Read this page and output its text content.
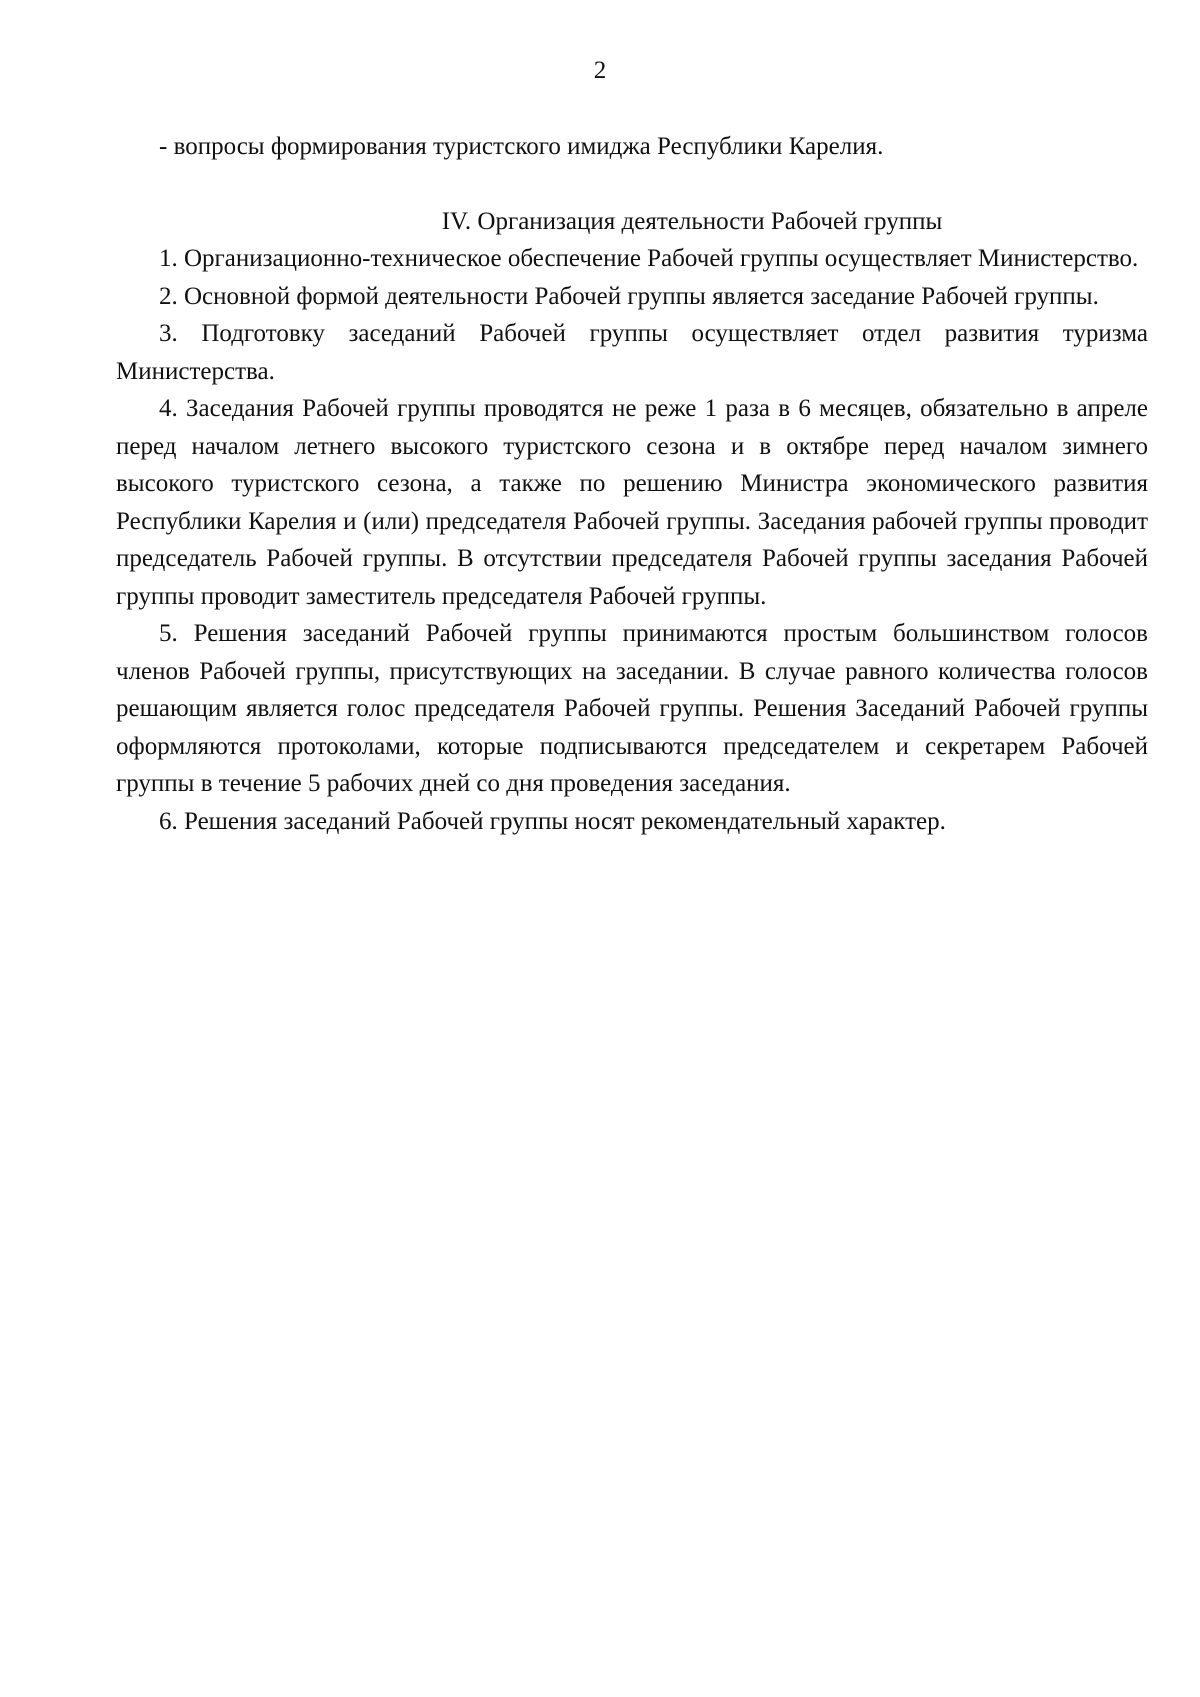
2

- вопросы формирования туристского имиджа Республики Карелия.

IV. Организация деятельности Рабочей группы

1. Организационно-техническое обеспечение Рабочей группы осуществляет Министерство.

2. Основной формой деятельности Рабочей группы является заседание Рабочей группы.

3. Подготовку заседаний Рабочей группы осуществляет отдел развития туризма Министерства.

4. Заседания Рабочей группы проводятся не реже 1 раза в 6 месяцев, обязательно в апреле перед началом летнего высокого туристского сезона и в октябре перед началом зимнего высокого туристского сезона, а также по решению Министра экономического развития Республики Карелия и (или) председателя Рабочей группы. Заседания рабочей группы проводит председатель Рабочей группы. В отсутствии председателя Рабочей группы заседания Рабочей группы проводит заместитель председателя Рабочей группы.

5. Решения заседаний Рабочей группы принимаются простым большинством голосов членов Рабочей группы, присутствующих на заседании. В случае равного количества голосов решающим является голос председателя Рабочей группы. Решения Заседаний Рабочей группы оформляются протоколами, которые подписываются председателем и секретарем Рабочей группы в течение 5 рабочих дней со дня проведения заседания.

6. Решения заседаний Рабочей группы носят рекомендательный характер.
